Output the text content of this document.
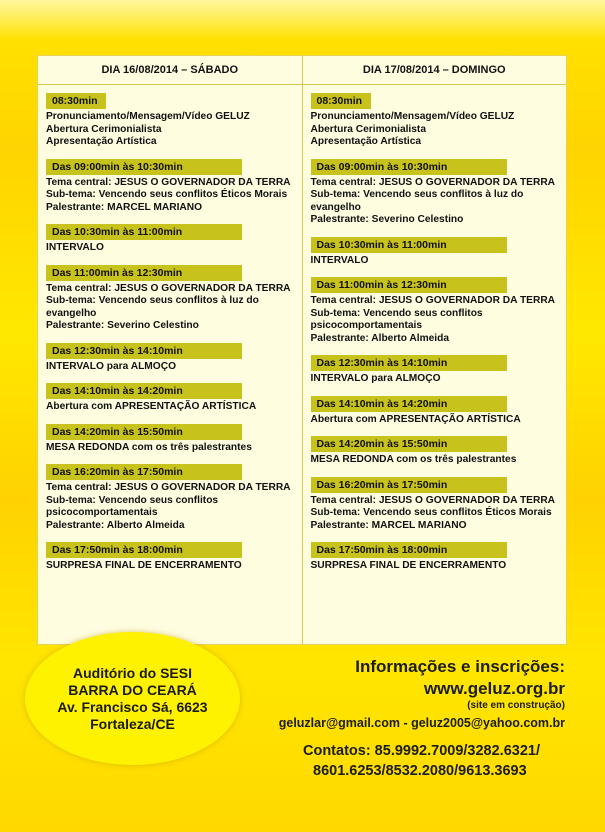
DIA 16/08/2014 – SÁBADO	DIA 17/08/2014 – DOMINGO
08:30min
Pronunciamento/Mensagem/Vídeo GELUZ
Abertura Cerimonialista
Apresentação Artística
Das 09:00min às 10:30min
Tema central: JESUS O GOVERNADOR DA TERRA
Sub-tema: Vencendo seus conflitos Éticos Morais
Palestrante: MARCEL MARIANO
Das 10:30min às 11:00min
INTERVALO
Das 11:00min às 12:30min
Tema central: JESUS O GOVERNADOR DA TERRA
Sub-tema: Vencendo seus conflitos à luz do
evangelho
Palestrante: Severino Celestino
Das 12:30min às 14:10min
INTERVALO para ALMOÇO
Das 14:10min às 14:20min
Abertura com APRESENTAÇÃO ARTÍSTICA
Das 14:20min às 15:50min
MESA REDONDA com os três palestrantes
Das 16:20min às 17:50min
Tema central: JESUS O GOVERNADOR DA TERRA
Sub-tema: Vencendo seus conflitos
psicocomportamentais
Palestrante: Alberto Almeida
Das 17:50min às 18:00min
SURPRESA FINAL DE ENCERRAMENTO
08:30min
Pronunciamento/Mensagem/Vídeo GELUZ
Abertura Cerimonialista
Apresentação Artística
Das 09:00min às 10:30min
Tema central: JESUS O GOVERNADOR DA TERRA
Sub-tema: Vencendo seus conflitos à luz do
evangelho
Palestrante: Severino Celestino
Das 10:30min às 11:00min
INTERVALO
Das 11:00min às 12:30min
Tema central: JESUS O GOVERNADOR DA TERRA
Sub-tema: Vencendo seus conflitos
psicocomportamentais
Palestrante: Alberto Almeida
Das 12:30min às 14:10min
INTERVALO para ALMOÇO
Das 14:10min às 14:20min
Abertura com APRESENTAÇÃO ARTÍSTICA
Das 14:20min às 15:50min
MESA REDONDA com os três palestrantes
Das 16:20min às 17:50min
Tema central: JESUS O GOVERNADOR DA TERRA
Sub-tema: Vencendo seus conflitos Éticos Morais
Palestrante: MARCEL MARIANO
Das 17:50min às 18:00min
SURPRESA FINAL DE ENCERRAMENTO
Auditório do SESI
BARRA DO CEARÁ
Av. Francisco Sá, 6623
Fortaleza/CE
Informações e inscrições:
www.geluz.org.br
(site em construção)
geluzlar@gmail.com - geluz2005@yahoo.com.br
Contatos: 85.9992.7009/3282.6321/
8601.6253/8532.2080/9613.3693
